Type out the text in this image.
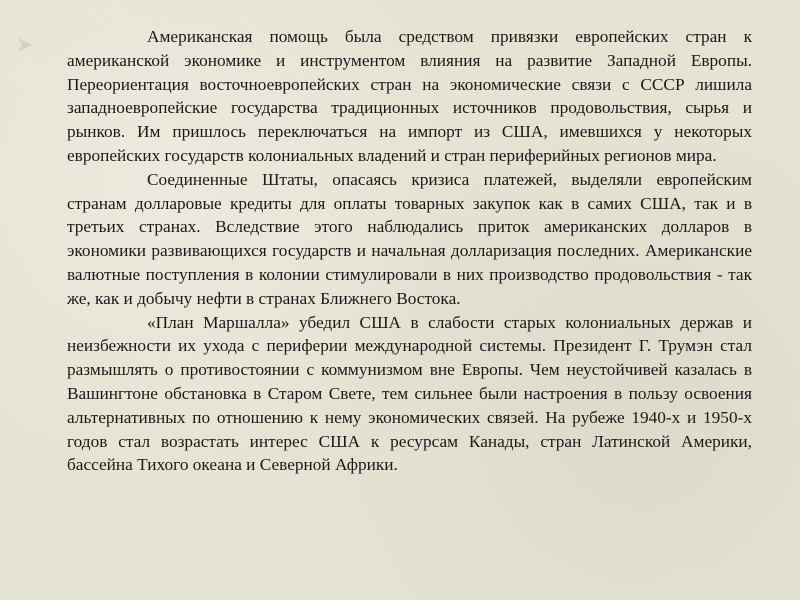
Американская помощь была средством привязки европейских стран к американской экономике и инструментом влияния на развитие Западной Европы. Переориентация восточноевропейских стран на экономические связи с СССР лишила западноевропейские государства традиционных источников продовольствия, сырья и рынков. Им пришлось переключаться на импорт из США, имевшихся у некоторых европейских государств колониальных владений и стран периферийных регионов мира.

Соединенные Штаты, опасаясь кризиса платежей, выделяли европейским странам долларовые кредиты для оплаты товарных закупок как в самих США, так и в третьих странах. Вследствие этого наблюдались приток американских долларов в экономики развивающихся государств и начальная долларизация последних. Американские валютные поступления в колонии стимулировали в них производство продовольствия - так же, как и добычу нефти в странах Ближнего Востока.

«План Маршалла» убедил США в слабости старых колониальных держав и неизбежности их ухода с периферии международной системы. Президент Г. Трумэн стал размышлять о противостоянии с коммунизмом вне Европы. Чем неустойчивей казалась в Вашингтоне обстановка в Старом Свете, тем сильнее были настроения в пользу освоения альтернативных по отношению к нему экономических связей. На рубеже 1940-х и 1950-х годов стал возрастать интерес США к ресурсам Канады, стран Латинской Америки, бассейна Тихого океана и Северной Африки.
